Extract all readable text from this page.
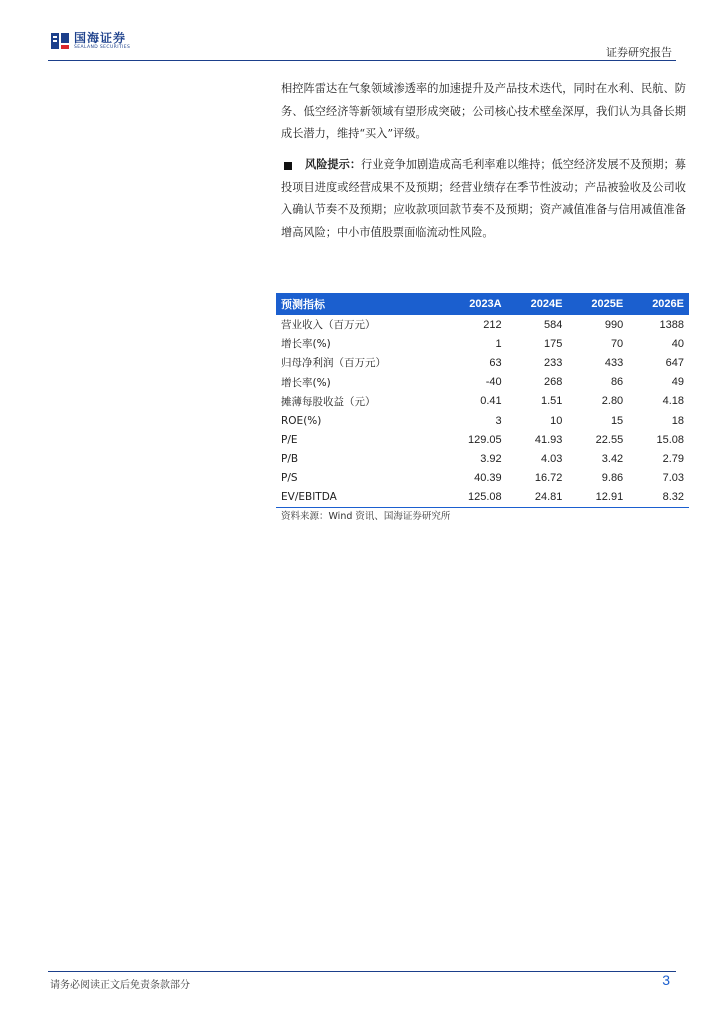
国海证券
SEALAND SECURITIES	证券研究报告
相控阵雷达在气象领域渗透率的加速提升及产品技术迭代，同时在水利、民航、防务、低空经济等新领域有望形成突破；公司核心技术壁垒深厚，我们认为具备长期成长潜力，维持“买入”评级。
风险提示：行业竞争加剧造成高毛利率难以维持；低空经济发展不及预期；募投项目进度或经营成果不及预期；经营业绩存在季节性波动；产品被验收及公司收入确认节奏不及预期；应收款项回款节奏不及预期；资产减值准备与信用减值准备增高风险；中小市值股票面临流动性风险。
预测指标	2023A	2024E	2025E	2026E
营业收入（百万元）	212	584	990	1388
增长率(%)	1	175	70	40
归母净利润（百万元）	63	233	433	647
增长率(%)	-40	268	86	49
摊薄每股收益（元）	0.41	1.51	2.80	4.18
ROE(%)	3	10	15	18
P/E	129.05	41.93	22.55	15.08
P/B	3.92	4.03	3.42	2.79
P/S	40.39	16.72	9.86	7.03
EV/EBITDA	125.08	24.81	12.91	8.32
资料来源：Wind 资讯、国海证券研究所
请务必阅读正文后免责条款部分	3
